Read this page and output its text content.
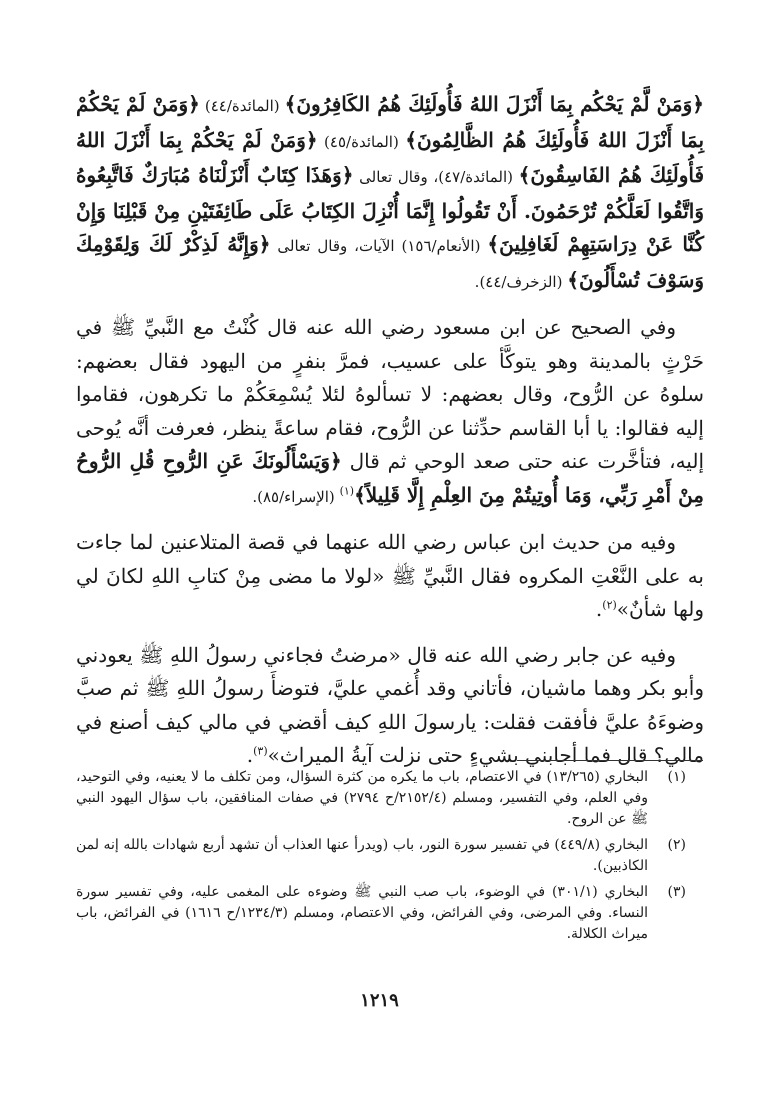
﴿وَمَنْ لَّمْ يَحْكُم بِمَا أَنْزَلَ اللهُ فَأُولَئِكَ هُمُ الكَافِرُونَ﴾ (المائدة/٤٤) ﴿وَمَنْ لَمْ يَحْكُمْ بِمَا أَنْزَلَ اللهُ فَأُولَئِكَ هُمُ الظَّالِمُونَ﴾ (المائدة/٤٥) ﴿وَمَنْ لَمْ يَحْكُمْ بِمَا أَنْزَلَ اللهُ فَأُولَئِكَ هُمُ الفَاسِقُونَ﴾ (المائدة/٤٧)، وقال تعالى ﴿وَهَذَا كِتَابٌ أَنْزَلْنَاهُ مُبَارَكٌ فَاتَّبِعُوهُ وَاتَّقُوا لَعَلَّكُمْ تُرْحَمُونَ. أَنْ تَقُولُوا إِنَّمَا أُنْزِلَ الكِتَابُ عَلَى طَائِفَتَيْنِ مِنْ قَبْلِنَا وَإِنْ كُنَّا عَنْ دِرَاسَتِهِمْ لَغَافِلِينَ﴾ (الأنعام/١٥٦) الآيات، وقال تعالى ﴿وَإِنَّهُ لَذِكْرٌ لَكَ وَلِقَوْمِكَ وَسَوْفَ تُسْأَلُونَ﴾ (الزخرف/٤٤).

وفي الصحيح عن ابن مسعود رضي الله عنه قال كُنْتُ مع النَّبيِّ ﷺ في حَرْثٍ بالمدينة وهو يتوكَّأ على عسيب، فمرَّ بنفرٍ من اليهود فقال بعضهم: سلوهُ عن الرُّوح، وقال بعضهم: لا تسألوهُ لئلا يُسْمِعَكُمْ ما تكرهون، فقاموا إليه فقالوا: يا أبا القاسم حدِّثنا عن الرُّوح، فقام ساعةً ينظر، فعرفت أنَّه يُوحى إليه، فتأخَّرت عنه حتى صعد الوحي ثم قال ﴿وَيَسْأَلُونَكَ عَنِ الرُّوحِ قُلِ الرُّوحُ مِنْ أَمْرِ رَبِّي، وَمَا أُوتِيتُمْ مِنَ العِلْمِ إِلَّا قَلِيلاً﴾$^{(١)}$ (الإسراء/٨٥).

وفيه من حديث ابن عباس رضي الله عنهما في قصة المتلاعنين لما جاءت به على النَّعْتِ المكروه فقال النَّبيِّ ﷺ «لولا ما مضى مِنْ كتابِ اللهِ لكانَ لي ولها شأنٌ»$^{(٢)}$.

وفيه عن جابر رضي الله عنه قال «مرضتُ فجاءني رسولُ اللهِ ﷺ يعودني وأبو بكر وهما ماشيان، فأتاني وقد أُغمي عليَّ، فتوضأَ رسولُ اللهِ ﷺ ثم صبَّ وضوءَهُ عليَّ فأفقت فقلت: يارسولَ اللهِ كيف أقضي في مالي كيف أصنع في مالي؟ قال فما أجابني بشيءٍ حتى نزلت آيةُ الميراث»$^{(٣)}$.

(١)
البخاري (١٣/٢٦٥) في الاعتصام، باب ما يكره من كثرة السؤال، ومن تكلف ما لا يعنيه، وفي التوحيد، وفي العلم، وفي التفسير، ومسلم (٢١٥٢/٤/ح ٢٧٩٤) في صفات المنافقين، باب سؤال اليهود النبي ﷺ عن الروح.
(٢)
البخاري (٤٤٩/٨) في تفسير سورة النور، باب (ويدرأ عنها العذاب أن تشهد أربع شهادات بالله إنه لمن الكاذبين).
(٣)
البخاري (٣٠١/١) في الوضوء، باب صب النبي ﷺ وضوءه على المغمى عليه، وفي تفسير سورة النساء. وفي المرضى، وفي الفرائض، وفي الاعتصام، ومسلم (١٢٣٤/٣/ح ١٦١٦) في الفرائض، باب ميراث الكلالة.
١٢١٩
